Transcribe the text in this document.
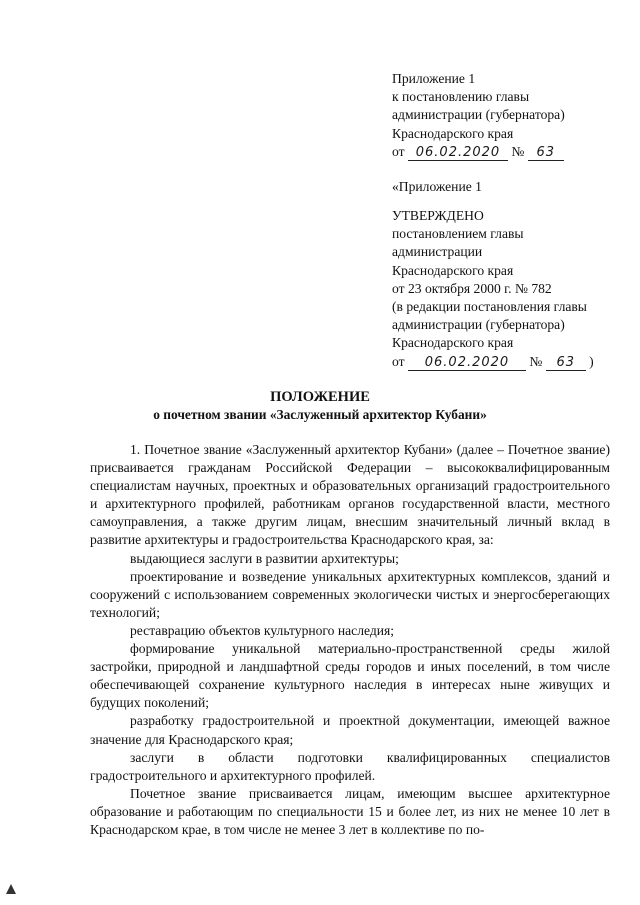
Приложение 1
к постановлению главы
администрации (губернатора)
Краснодарского края
от 06.02.2020 № 63
«Приложение 1
УТВЕРЖДЕНО
постановлением главы
администрации
Краснодарского края
от 23 октября 2000 г. № 782
(в редакции постановления главы
администрации (губернатора)
Краснодарского края
от 06.02.2020 № 63 )
ПОЛОЖЕНИЕ
о почетном звании «Заслуженный архитектор Кубани»

1. Почетное звание «Заслуженный архитектор Кубани» (далее – Почетное звание) присваивается гражданам Российской Федерации – высококвалифицированным специалистам научных, проектных и образовательных организаций градостроительного и архитектурного профилей, работникам органов государственной власти, местного самоуправления, а также другим лицам, внесшим значительный личный вклад в развитие архитектуры и градостроительства Краснодарского края, за:

выдающиеся заслуги в развитии архитектуры;

проектирование и возведение уникальных архитектурных комплексов, зданий и сооружений с использованием современных экологически чистых и энергосберегающих технологий;

реставрацию объектов культурного наследия;

формирование уникальной материально-пространственной среды жилой застройки, природной и ландшафтной среды городов и иных поселений, в том числе обеспечивающей сохранение культурного наследия в интересах ныне живущих и будущих поколений;

разработку градостроительной и проектной документации, имеющей важное значение для Краснодарского края;

заслуги в области подготовки квалифицированных специалистов градостроительного и архитектурного профилей.

Почетное звание присваивается лицам, имеющим высшее архитектурное образование и работающим по специальности 15 и более лет, из них не менее 10 лет в Краснодарском крае, в том числе не менее 3 лет в коллективе по по-
